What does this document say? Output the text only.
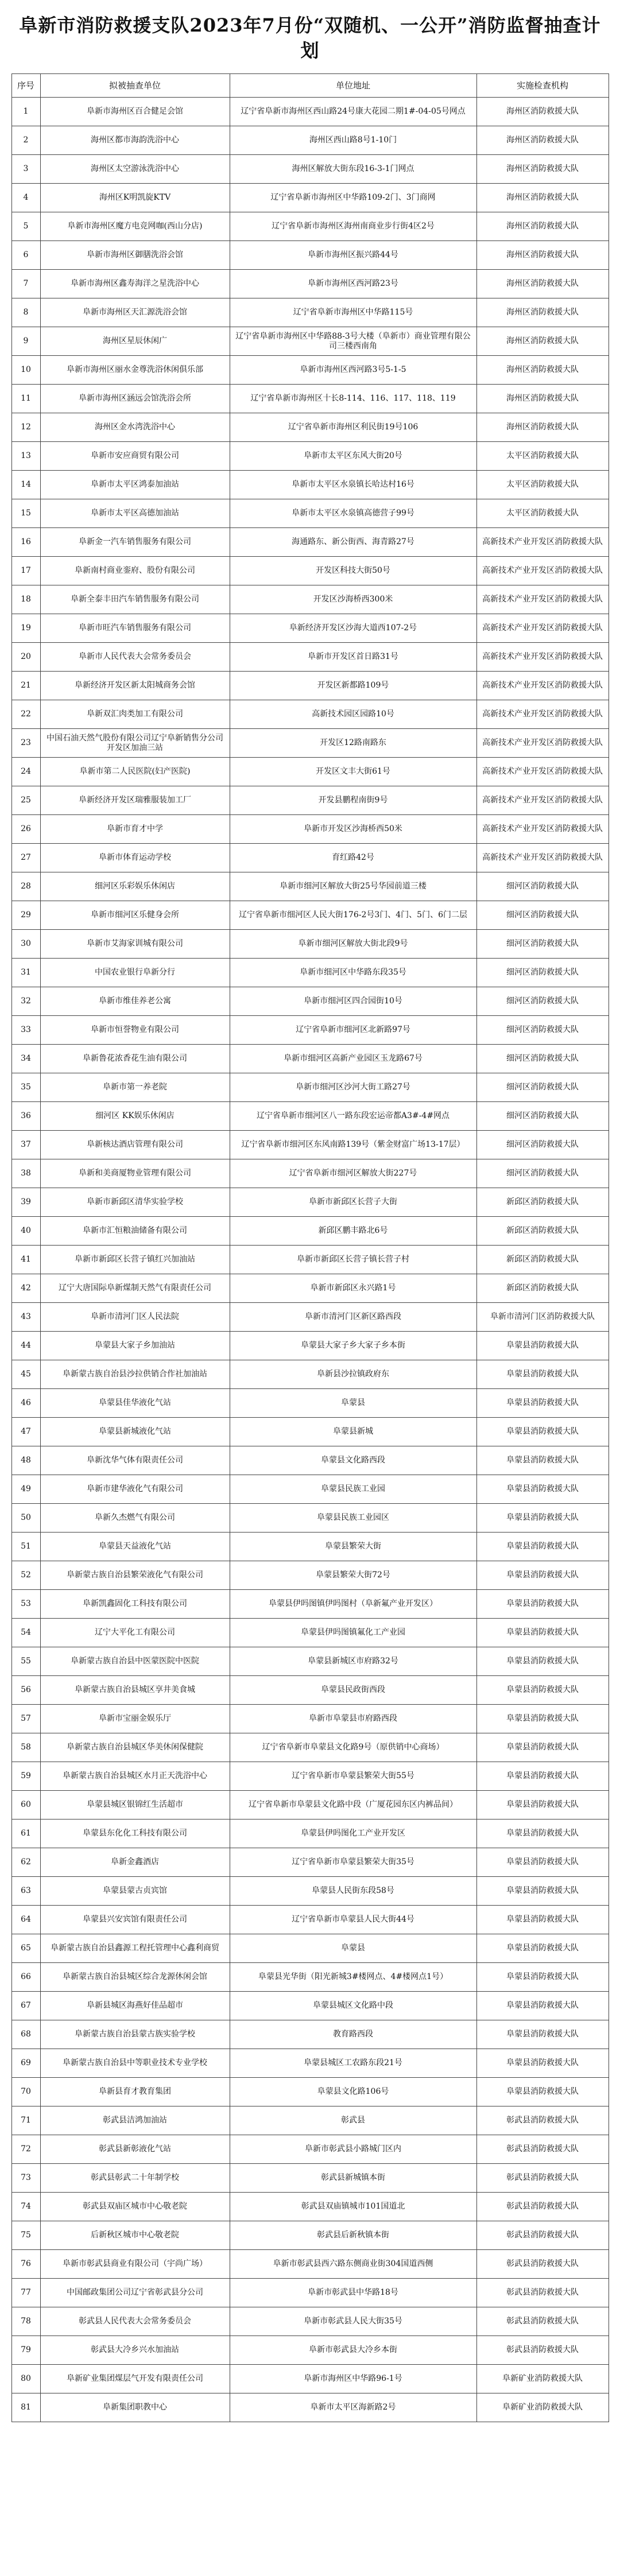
阜新市消防救援支队2023年7月份“双随机、一公开”消防监督抽查计划
序号	拟被抽查单位	单位地址	实施检查机构
1	阜新市海州区百合健足会馆	辽宁省阜新市海州区西山路24号康大花园二期1#-04-05号网点	海州区消防救援大队
2	海州区都市海韵洗浴中心	海州区西山路8号1-10门	海州区消防救援大队
3	海州区太空游泳洗浴中心	海州区解放大街东段16-3-1门网点	海州区消防救援大队
4	海州区K明凯旋KTV	辽宁省阜新市海州区中华路109-2门、3门商网	海州区消防救援大队
5	阜新市海州区魔方电竞网咖(西山分店)	辽宁省阜新市海州区海州南商业步行街4区2号	海州区消防救援大队
6	阜新市海州区御膳洗浴会馆	阜新市海州区振兴路44号	海州区消防救援大队
7	阜新市海州区鑫寿海洋之星洗浴中心	阜新市海州区西河路23号	海州区消防救援大队
8	阜新市海州区天汇源洗浴会馆	辽宁省阜新市海州区中华路115号	海州区消防救援大队
9	海州区星辰休闲广	辽宁省阜新市海州区中华路88-3号大楼（阜新市）商业管理有限公司三楼西南角	海州区消防救援大队
10	阜新市海州区丽水金尊洗浴休闲俱乐部	阜新市海州区西河路3号5-1-5	海州区消防救援大队
11	阜新市海州区涵远会馆洗浴会所	辽宁省阜新市海州区十长8-114、116、117、118、119	海州区消防救援大队
12	海州区金水湾洗浴中心	辽宁省阜新市海州区利民街19号106	海州区消防救援大队
13	阜新市安应商贸有限公司	阜新市太平区东风大街20号	太平区消防救援大队
14	阜新市太平区鸿泰加油站	阜新市太平区水泉镇长哈达村16号	太平区消防救援大队
15	阜新市太平区高德加油站	阜新市太平区水泉镇高德营子99号	太平区消防救援大队
16	阜新金一汽车销售服务有限公司	海通路东、新公街西、海青路27号	高新技术产业开发区消防救援大队
17	阜新南村商业銮府、股份有限公司	开发区科技大街50号	高新技术产业开发区消防救援大队
18	阜新全泰丰田汽车销售服务有限公司	开发区沙海桥西300米	高新技术产业开发区消防救援大队
19	阜新市旺汽车销售服务有限公司	阜新经济开发区沙海大道西107-2号	高新技术产业开发区消防救援大队
20	阜新市人民代表大会常务委员会	阜新市开发区首日路31号	高新技术产业开发区消防救援大队
21	阜新经济开发区新太阳城商务会馆	开发区新都路109号	高新技术产业开发区消防救援大队
22	阜新双汇肉类加工有限公司	高新技术园区园路10号	高新技术产业开发区消防救援大队
23	中国石油天然气股份有限公司辽宁阜新销售分公司开发区加油三站	开发区12路南路东	高新技术产业开发区消防救援大队
24	阜新市第二人民医院(妇产医院)	开发区文丰大街61号	高新技术产业开发区消防救援大队
25	阜新经济开发区瑞雅服装加工厂	开发县鹏程南街9号	高新技术产业开发区消防救援大队
26	阜新市育才中学	阜新市开发区沙海桥西50米	高新技术产业开发区消防救援大队
27	阜新市体育运动学校	育红路42号	高新技术产业开发区消防救援大队
28	细河区乐彩娱乐休闲店	阜新市细河区解放大街25号华园前道三楼	细河区消防救援大队
29	阜新市细河区乐健身会所	辽宁省阜新市细河区人民大街176-2号3门、4门、5门、6门二层	细河区消防救援大队
30	阜新市艾海家训城有限公司	阜新市细河区解放大街北段9号	细河区消防救援大队
31	中国农业银行阜新分行	阜新市细河区中华路东段35号	细河区消防救援大队
32	阜新市维佳养老公寓	阜新市细河区四合园街10号	细河区消防救援大队
33	阜新市恒誉物业有限公司	辽宁省阜新市细河区北新路97号	细河区消防救援大队
34	阜新鲁花浓香花生油有限公司	阜新市细河区高新产业园区玉龙路67号	细河区消防救援大队
35	阜新市第一养老院	阜新市细河区沙河大街工路27号	细河区消防救援大队
36	细河区 KK娱乐休闲店	辽宁省阜新市细河区八一路东段宏运帝都A3#-4#网点	细河区消防救援大队
37	阜新核达酒店管理有限公司	辽宁省阜新市细河区东风南路139号（紫金财富广场13-17层）	细河区消防救援大队
38	阜新和美商厦物业管理有限公司	辽宁省阜新市细河区解放大街227号	细河区消防救援大队
39	阜新市新邱区清华实验学校	阜新市新邱区长营子大街	新邱区消防救援大队
40	阜新市汇恒粮油储备有限公司	新邱区鹏丰路北6号	新邱区消防救援大队
41	阜新市新邱区长营子镇红兴加油站	阜新市新邱区长营子镇长营子村	新邱区消防救援大队
42	辽宁大唐国际阜新煤制天然气有限责任公司	阜新市新邱区永兴路1号	新邱区消防救援大队
43	阜新市清河门区人民法院	阜新市清河门区新区路西段	阜新市清河门区消防救援大队
44	阜蒙县大家子乡加油站	阜蒙县大家子乡大家子乡本街	阜蒙县消防救援大队
45	阜新蒙古族自治县沙拉供销合作社加油站	阜新县沙拉镇政府东	阜蒙县消防救援大队
46	阜蒙县佳华液化气站	阜蒙县	阜蒙县消防救援大队
47	阜蒙县新城液化气站	阜蒙县新城	阜蒙县消防救援大队
48	阜新沈华气体有限责任公司	阜蒙县文化路西段	阜蒙县消防救援大队
49	阜新市建华液化气有限公司	阜蒙县民族工业园	阜蒙县消防救援大队
50	阜新久杰燃气有限公司	阜蒙县民族工业园区	阜蒙县消防救援大队
51	阜蒙县天益液化气站	阜蒙县繁荣大街	阜蒙县消防救援大队
52	阜新蒙古族自治县繁荣液化气有限公司	阜蒙县繁荣大街72号	阜蒙县消防救援大队
53	阜新凯鑫固化工科技有限公司	阜蒙县伊吗图镇伊吗图村（阜新氟产业开发区）	阜蒙县消防救援大队
54	辽宁大平化工有限公司	阜蒙县伊吗图镇氟化工产业园	阜蒙县消防救援大队
55	阜新蒙古族自治县中医蒙医院中医院	阜蒙县新城区市府路32号	阜蒙县消防救援大队
56	阜新蒙古族自治县城区享井美食城	阜蒙县民政街西段	阜蒙县消防救援大队
57	阜新市宝丽金娱乐厅	阜新市阜蒙县市府路西段	阜蒙县消防救援大队
58	阜新蒙古族自治县城区华美休闲保健院	辽宁省阜新市阜蒙县文化路9号（原供销中心商场）	阜蒙县消防救援大队
59	阜新蒙古族自治县城区水月正天洗浴中心	辽宁省阜新市阜蒙县繁荣大街55号	阜蒙县消防救援大队
60	阜蒙县城区银锦红生活超市	辽宁省阜新市阜蒙县文化路中段（广厦花园东区内裤品间）	阜蒙县消防救援大队
61	阜蒙县东化化工科技有限公司	阜蒙县伊吗图化工产业开发区	阜蒙县消防救援大队
62	阜新金鑫酒店	辽宁省阜新市阜蒙县繁荣大街35号	阜蒙县消防救援大队
63	阜蒙县蒙古贞宾馆	阜蒙县人民街东段58号	阜蒙县消防救援大队
64	阜蒙县兴安宾馆有限责任公司	辽宁省阜新市阜蒙县人民大街44号	阜蒙县消防救援大队
65	阜新蒙古族自治县鑫源工程托管理中心鑫利商贸	阜蒙县	阜蒙县消防救援大队
66	阜新蒙古族自治县城区综合龙源休闲会馆	阜蒙县光华街（阳光新城3#楼网点、4#楼网点1号）	阜蒙县消防救援大队
67	阜新县城区海燕好佳品超市	阜蒙县城区文化路中段	阜蒙县消防救援大队
68	阜新蒙古族自治县蒙古族实验学校	教育路西段	阜蒙县消防救援大队
69	阜新蒙古族自治县中等职业技术专业学校	阜蒙县城区工农路东段21号	阜蒙县消防救援大队
70	阜新县育才教育集团	阜蒙县文化路106号	阜蒙县消防救援大队
71	彰武县洁鸿加油站	彰武县	彰武县消防救援大队
72	彰武县新彰液化气站	阜新市彰武县小路城门区内	彰武县消防救援大队
73	彰武县彰武二十年制学校	彰武县新城镇本街	彰武县消防救援大队
74	彰武县双庙区城市中心敬老院	彰武县双庙镇城市101国道北	彰武县消防救援大队
75	后新秋区城市中心敬老院	彰武县后新秋镇本街	彰武县消防救援大队
76	阜新市彰武县商业有限公司（宇尚广场）	阜新市彰武县西六路东侧商业街304国道西侧	彰武县消防救援大队
77	中国邮政集团公司辽宁省彰武县分公司	阜新市彰武县中华路18号	彰武县消防救援大队
78	彰武县人民代表大会常务委员会	阜新市彰武县人民大街35号	彰武县消防救援大队
79	彰武县大冷乡兴水加油站	阜新市彰武县大冷乡本街	彰武县消防救援大队
80	阜新矿业集团煤层气开发有限责任公司	阜新市海州区中华路96-1号	阜新矿业消防救援大队
81	阜新集团职教中心	阜新市太平区海新路2号	阜新矿业消防救援大队
